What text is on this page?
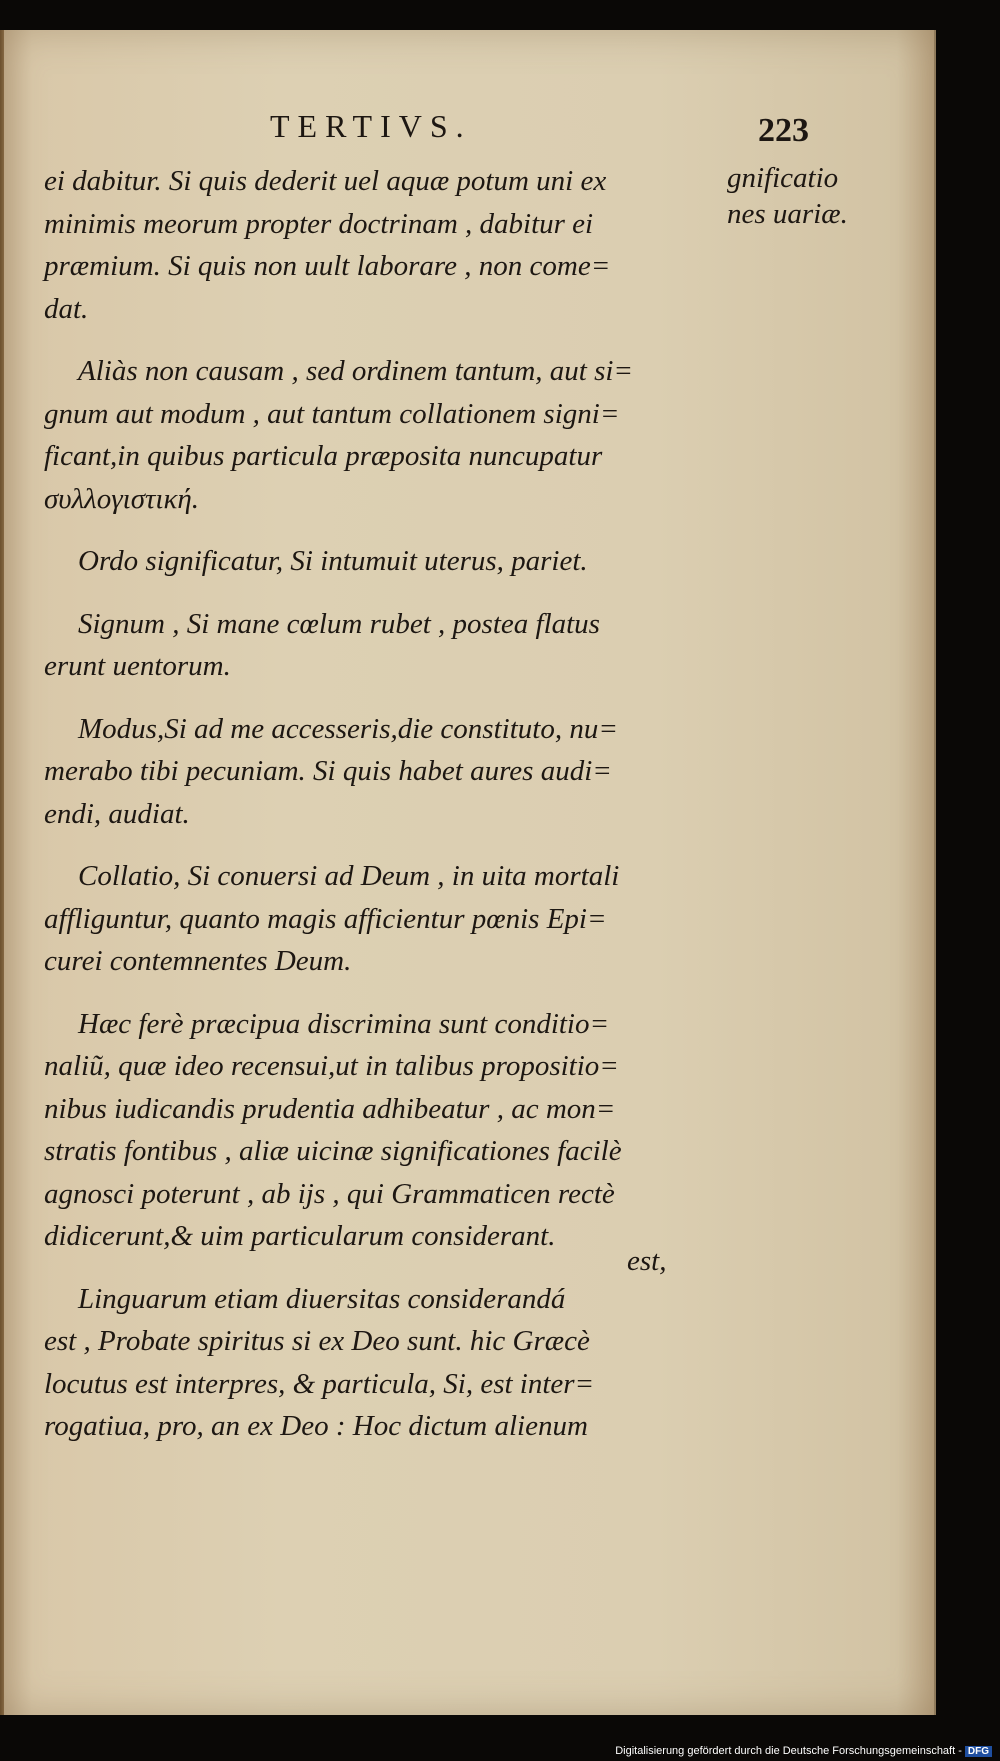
TERTIVS.	223
gnificatio
nes uariæ.
ei dabitur. Si quis dederit uel aquæ potum uni ex
minimis meorum propter doctrinam , dabitur ei
præmium. Si quis non uult laborare , non come=
dat.
Aliàs non causam , sed ordinem tantum, aut si=
gnum aut modum , aut tantum collationem signi=
ficant,in quibus particula præposita nuncupatur
συλλογιστική.
Ordo significatur, Si intumuit uterus, pariet.
Signum , Si mane cœlum rubet , postea flatus
erunt uentorum.
Modus,Si ad me accesseris,die constituto, nu=
merabo tibi pecuniam. Si quis habet aures audi=
endi, audiat.
Collatio, Si conuersi ad Deum , in uita mortali
affliguntur, quanto magis afficientur pœnis Epi=
curei contemnentes Deum.
Hæc ferè præcipua discrimina sunt conditio=
naliũ, quæ ideo recensui,ut in talibus propositio=
nibus iudicandis prudentia adhibeatur , ac mon=
stratis fontibus , aliæ uicinæ significationes facilè
agnosci poterunt , ab ijs , qui Grammaticen rectè
didicerunt,& uim particularum considerant.
Linguarum etiam diuersitas considerandá
est , Probate spiritus si ex Deo sunt. hic Græcè
locutus est interpres, & particula, Si, est inter=
rogatiua, pro, an ex Deo : Hoc dictum alienum
est,
Digitalisierung gefördert durch die Deutsche Forschungsgemeinschaft - DFG
